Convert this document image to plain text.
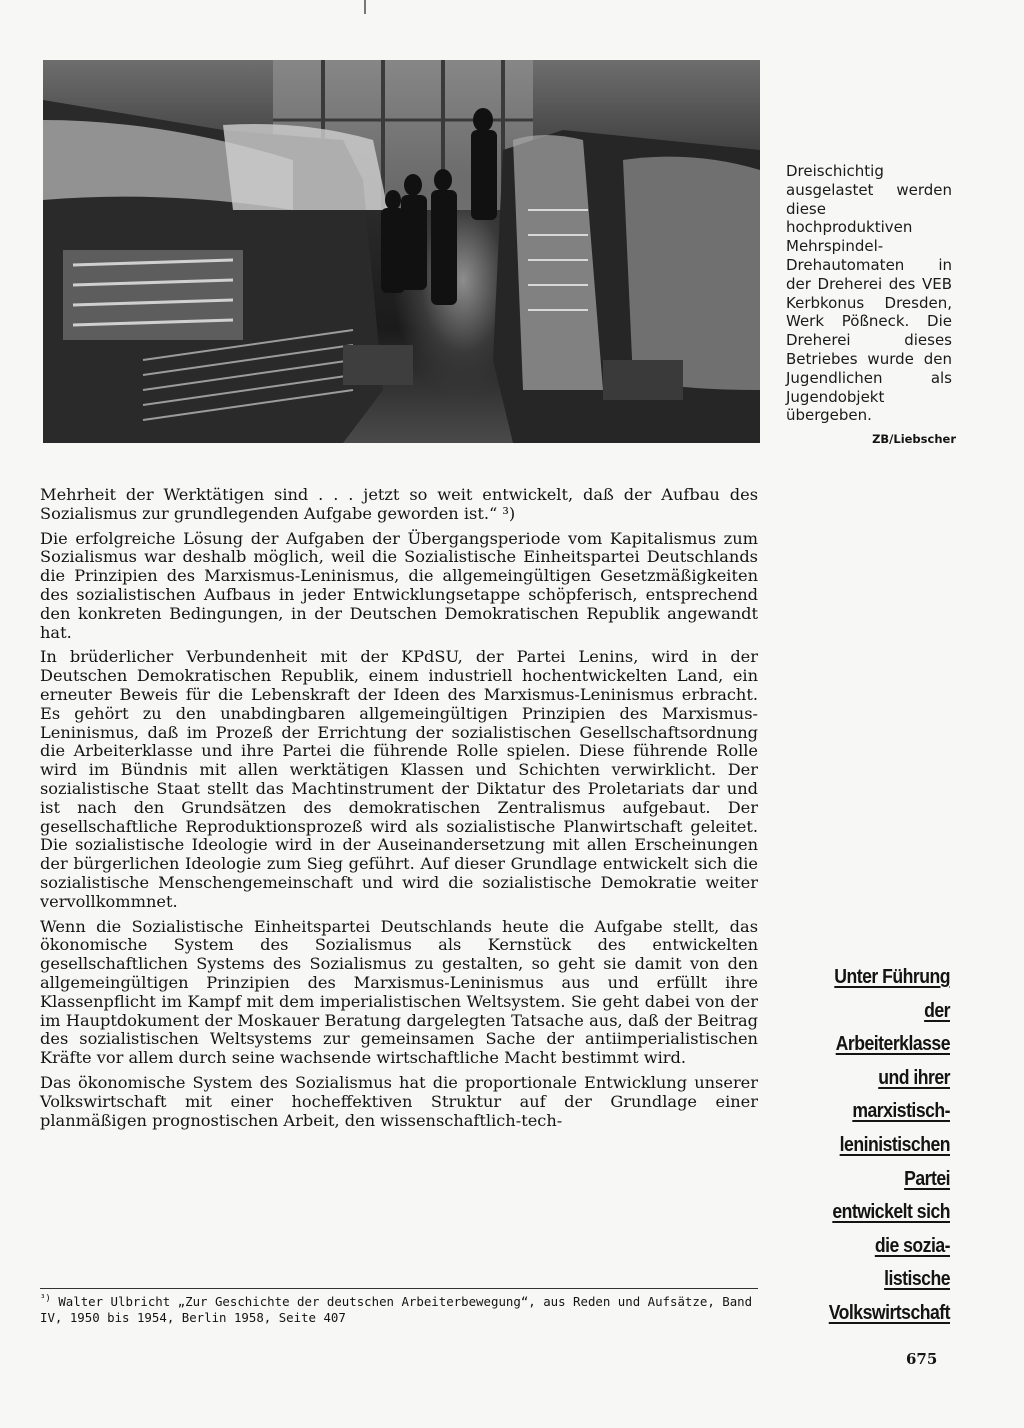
Dreischichtig ausgelastet werden diese hochproduktiven Mehrspindel-Drehautomaten in der Dreherei des VEB Kerbkonus Dresden, Werk Pößneck. Die Dreherei dieses Betriebes wurde den Jugendlichen als Jugendobjekt übergeben.
ZB/Liebscher

Mehrheit der Werktätigen sind . . . jetzt so weit entwickelt, daß der Aufbau des Sozialismus zur grundlegenden Aufgabe geworden ist.“ ³)

Die erfolgreiche Lösung der Aufgaben der Übergangsperiode vom Kapitalismus zum Sozialismus war deshalb möglich, weil die Sozialistische Einheitspartei Deutschlands die Prinzipien des Marxismus-Leninismus, die allgemeingültigen Gesetzmäßigkeiten des sozialistischen Aufbaus in jeder Entwicklungsetappe schöpferisch, entsprechend den konkreten Bedingungen, in der Deutschen Demokratischen Republik angewandt hat.

In brüderlicher Verbundenheit mit der KPdSU, der Partei Lenins, wird in der Deutschen Demokratischen Republik, einem industriell hochentwickelten Land, ein erneuter Beweis für die Lebenskraft der Ideen des Marxismus-Leninismus erbracht. Es gehört zu den unabdingbaren allgemeingültigen Prinzipien des Marxismus-Leninismus, daß im Prozeß der Errichtung der sozialistischen Gesellschaftsordnung die Arbeiterklasse und ihre Partei die führende Rolle spielen. Diese führende Rolle wird im Bündnis mit allen werktätigen Klassen und Schichten verwirklicht. Der sozialistische Staat stellt das Machtinstrument der Diktatur des Proletariats dar und ist nach den Grundsätzen des demokratischen Zentralismus aufgebaut. Der gesellschaftliche Reproduktionsprozeß wird als sozialistische Planwirtschaft geleitet. Die sozialistische Ideologie wird in der Auseinandersetzung mit allen Erscheinungen der bürgerlichen Ideologie zum Sieg geführt. Auf dieser Grundlage entwickelt sich die sozialistische Menschengemeinschaft und wird die sozialistische Demokratie weiter vervollkommnet.

Wenn die Sozialistische Einheitspartei Deutschlands heute die Aufgabe stellt, das ökonomische System des Sozialismus als Kernstück des entwickelten gesellschaftlichen Systems des Sozialismus zu gestalten, so geht sie damit von den allgemeingültigen Prinzipien des Marxismus-Leninismus aus und erfüllt ihre Klassenpflicht im Kampf mit dem imperialistischen Weltsystem. Sie geht dabei von der im Hauptdokument der Moskauer Beratung dargelegten Tatsache aus, daß der Beitrag des sozialistischen Weltsystems zur gemeinsamen Sache der antiimperialistischen Kräfte vor allem durch seine wachsende wirtschaftliche Macht bestimmt wird.

Das ökonomische System des Sozialismus hat die proportionale Entwicklung unserer Volkswirtschaft mit einer hocheffektiven Struktur auf der Grundlage einer planmäßigen prognostischen Arbeit, den wissenschaftlich-tech-

$^{^3)}$ Walter Ulbricht „Zur Geschichte der deutschen Arbeiterbewegung“, aus Reden und Aufsätze, Band IV, 1950 bis 1954, Berlin 1958, Seite 407
Unter Führung
der
Arbeiterklasse
und ihrer
marxistisch-
leninistischen
Partei
entwickelt sich
die sozia-
listische
Volkswirtschaft
675
